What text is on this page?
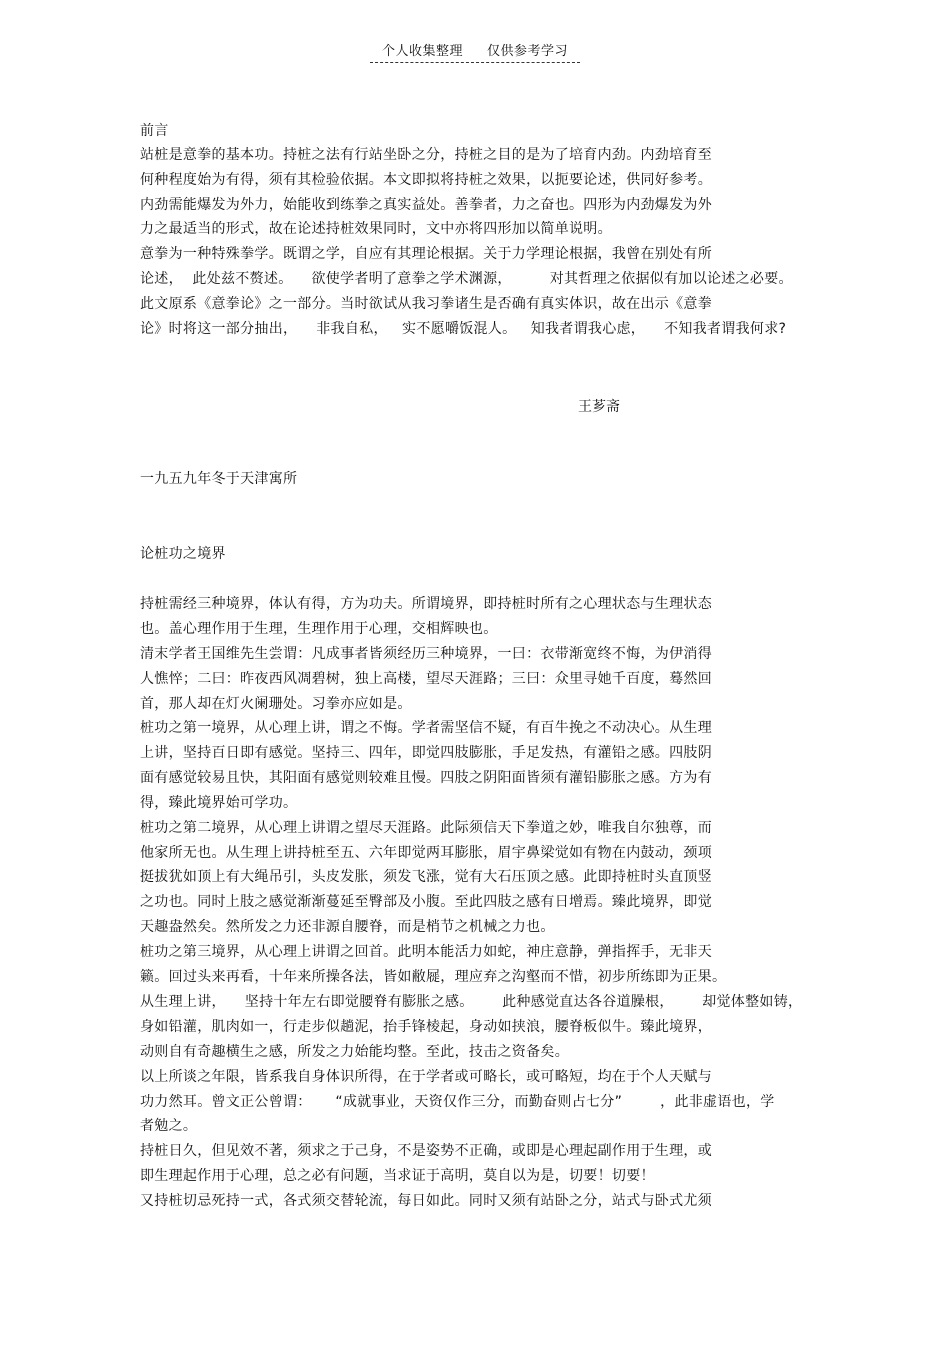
个人收集整理 仅供参考学习
前言
站桩是意拳的基本功。持桩之法有行站坐卧之分，持桩之目的是为了培育内劲。内劲培育至
何种程度始为有得，须有其检验依据。本文即拟将持桩之效果，以扼要论述，供同好参考。
内劲需能爆发为外力，始能收到练拳之真实益处。善拳者，力之奋也。四形为内劲爆发为外
力之最适当的形式，故在论述持桩效果同时，文中亦将四形加以简单说明。
意拳为一种特殊拳学。既谓之学，自应有其理论根据。关于力学理论根据，我曾在别处有所
论述，  此处兹不赘述。    欲使学者明了意拳之学术渊源，        对其哲理之依据似有加以论述之必要。
此文原系《意拳论》之一部分。当时欲试从我习拳诸生是否确有真实体识，故在出示《意拳
论》时将这一部分抽出，    非我自私，   实不愿嚼饭混人。   知我者谓我心虑，    不知我者谓我何求?
一九五九年冬于天津寓所
论桩功之境界
持桩需经三种境界，体认有得，方为功夫。所谓境界，即持桩时所有之心理状态与生理状态
也。盖心理作用于生理，生理作用于心理，交相辉映也。
清末学者王国维先生尝谓：凡成事者皆须经历三种境界，一曰：衣带渐宽终不悔，为伊消得
人憔悴；二曰：昨夜西风凋碧树，独上高楼，望尽天涯路；三曰：众里寻她千百度，蓦然回
首，那人却在灯火阑珊处。习拳亦应如是。
桩功之第一境界，从心理上讲，谓之不悔。学者需坚信不疑，有百牛挽之不动决心。从生理
上讲，坚持百日即有感觉。坚持三、四年，即觉四肢膨胀，手足发热，有灌铅之感。四肢阴
面有感觉较易且快，其阳面有感觉则较难且慢。四肢之阴阳面皆须有灌铅膨胀之感。方为有
得，臻此境界始可学功。
桩功之第二境界，从心理上讲谓之望尽天涯路。此际须信天下拳道之妙，唯我自尔独尊，而
他家所无也。从生理上讲持桩至五、六年即觉两耳膨胀，眉宇鼻梁觉如有物在内鼓动，颈项
挺拔犹如顶上有大绳吊引，头皮发胀，须发飞涨，觉有大石压顶之感。此即持桩时头直顶竖
之功也。同时上肢之感觉渐渐蔓延至臀部及小腹。至此四肢之感有日增焉。臻此境界，即觉
天趣盎然矣。然所发之力还非源自腰脊，而是梢节之机械之力也。
桩功之第三境界，从心理上讲谓之回首。此明本能活力如蛇，神庄意静，弹指挥手，无非天
籁。回过头来再看，十年来所操各法，皆如敝屣，理应弃之沟壑而不惜，初步所练即为正果。
从生理上讲，    坚持十年左右即觉腰脊有膨胀之感。      此种感觉直达各谷道臊根，      却觉体整如铸，
身如铅灌，肌肉如一，行走步似趟泥，抬手锋棱起，身动如挟浪，腰脊板似牛。臻此境界，
动则自有奇趣横生之感，所发之力始能均整。至此，技击之资备矣。
以上所谈之年限，皆系我自身体识所得，在于学者或可略长，或可略短，均在于个人天赋与
功力然耳。曾文正公曾谓：     “成就事业，天资仅作三分，而勤奋则占七分”        ，此非虚语也，学
者勉之。
持桩日久，但见效不著，须求之于己身，不是姿势不正确，或即是心理起副作用于生理，或
即生理起作用于心理，总之必有问题，当求证于高明，莫自以为是，切要！切要！
又持桩切忌死持一式，各式须交替轮流，每日如此。同时又须有站卧之分，站式与卧式尤须
王芗斋
